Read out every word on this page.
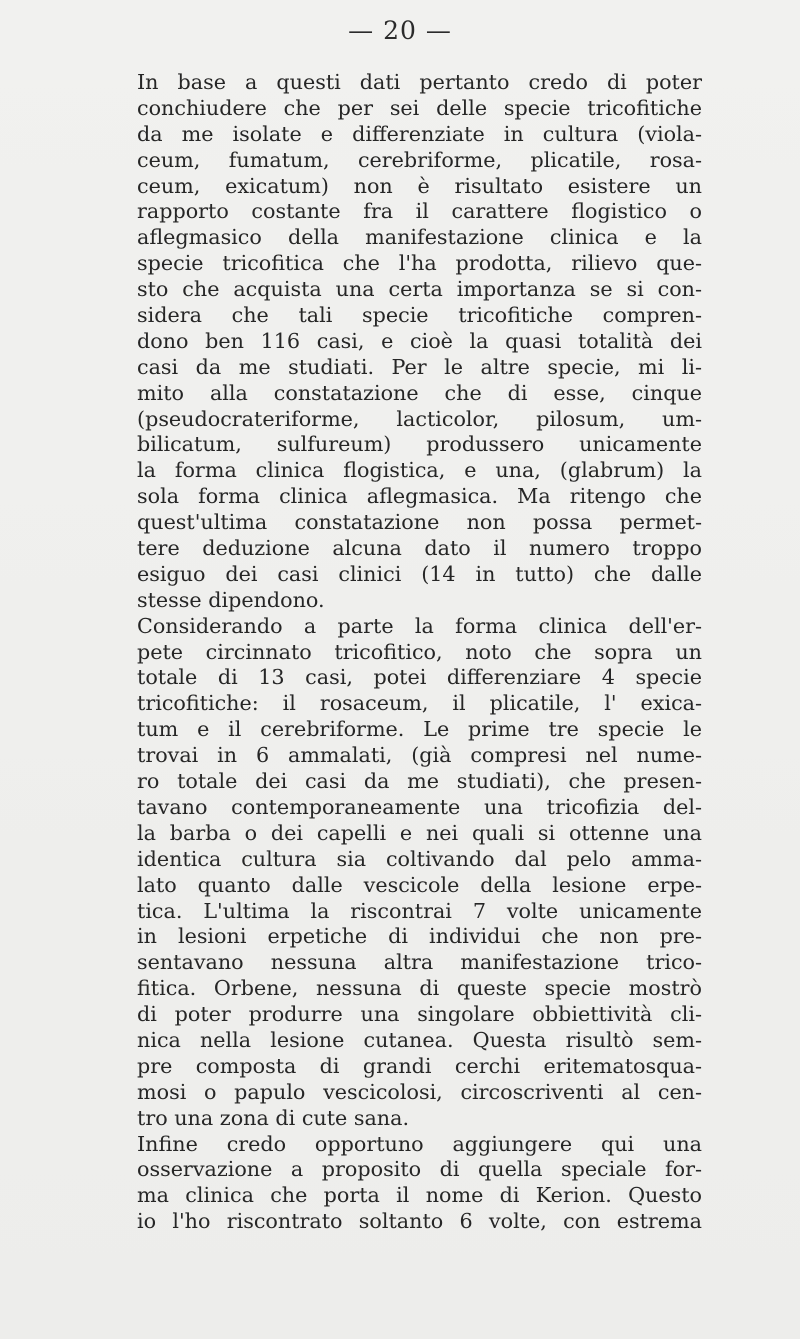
— 20 —
In base a questi dati pertanto credo di poter
conchiudere che per sei delle specie tricofitiche
da me isolate e differenziate in cultura (viola-
ceum, fumatum, cerebriforme, plicatile, rosa-
ceum, exicatum) non è risultato esistere un
rapporto costante fra il carattere flogistico o
aflegmasico della manifestazione clinica e la
specie tricofitica che l'ha prodotta, rilievo que-
sto che acquista una certa importanza se si con-
sidera che tali specie tricofitiche compren-
dono ben 116 casi, e cioè la quasi totalità dei
casi da me studiati. Per le altre specie, mi li-
mito alla constatazione che di esse, cinque
(pseudocrateriforme, lacticolor, pilosum, um-
bilicatum, sulfureum) produssero unicamente
la forma clinica flogistica, e una, (glabrum) la
sola forma clinica aflegmasica. Ma ritengo che
quest'ultima constatazione non possa permet-
tere deduzione alcuna dato il numero troppo
esiguo dei casi clinici (14 in tutto) che dalle
stesse dipendono.
Considerando a parte la forma clinica dell'er-
pete circinnato tricofitico, noto che sopra un
totale di 13 casi, potei differenziare 4 specie
tricofitiche: il rosaceum, il plicatile, l' exica-
tum e il cerebriforme. Le prime tre specie le
trovai in 6 ammalati, (già compresi nel nume-
ro totale dei casi da me studiati), che presen-
tavano contemporaneamente una tricofizia del-
la barba o dei capelli e nei quali si ottenne una
identica cultura sia coltivando dal pelo amma-
lato quanto dalle vescicole della lesione erpe-
tica. L'ultima la riscontrai 7 volte unicamente
in lesioni erpetiche di individui che non pre-
sentavano nessuna altra manifestazione trico-
fitica. Orbene, nessuna di queste specie mostrò
di poter produrre una singolare obbiettività cli-
nica nella lesione cutanea. Questa risultò sem-
pre composta di grandi cerchi eritematosqua-
mosi o papulo vescicolosi, circoscriventi al cen-
tro una zona di cute sana.
Infine credo opportuno aggiungere qui una
osservazione a proposito di quella speciale for-
ma clinica che porta il nome di Kerion. Questo
io l'ho riscontrato soltanto 6 volte, con estrema
